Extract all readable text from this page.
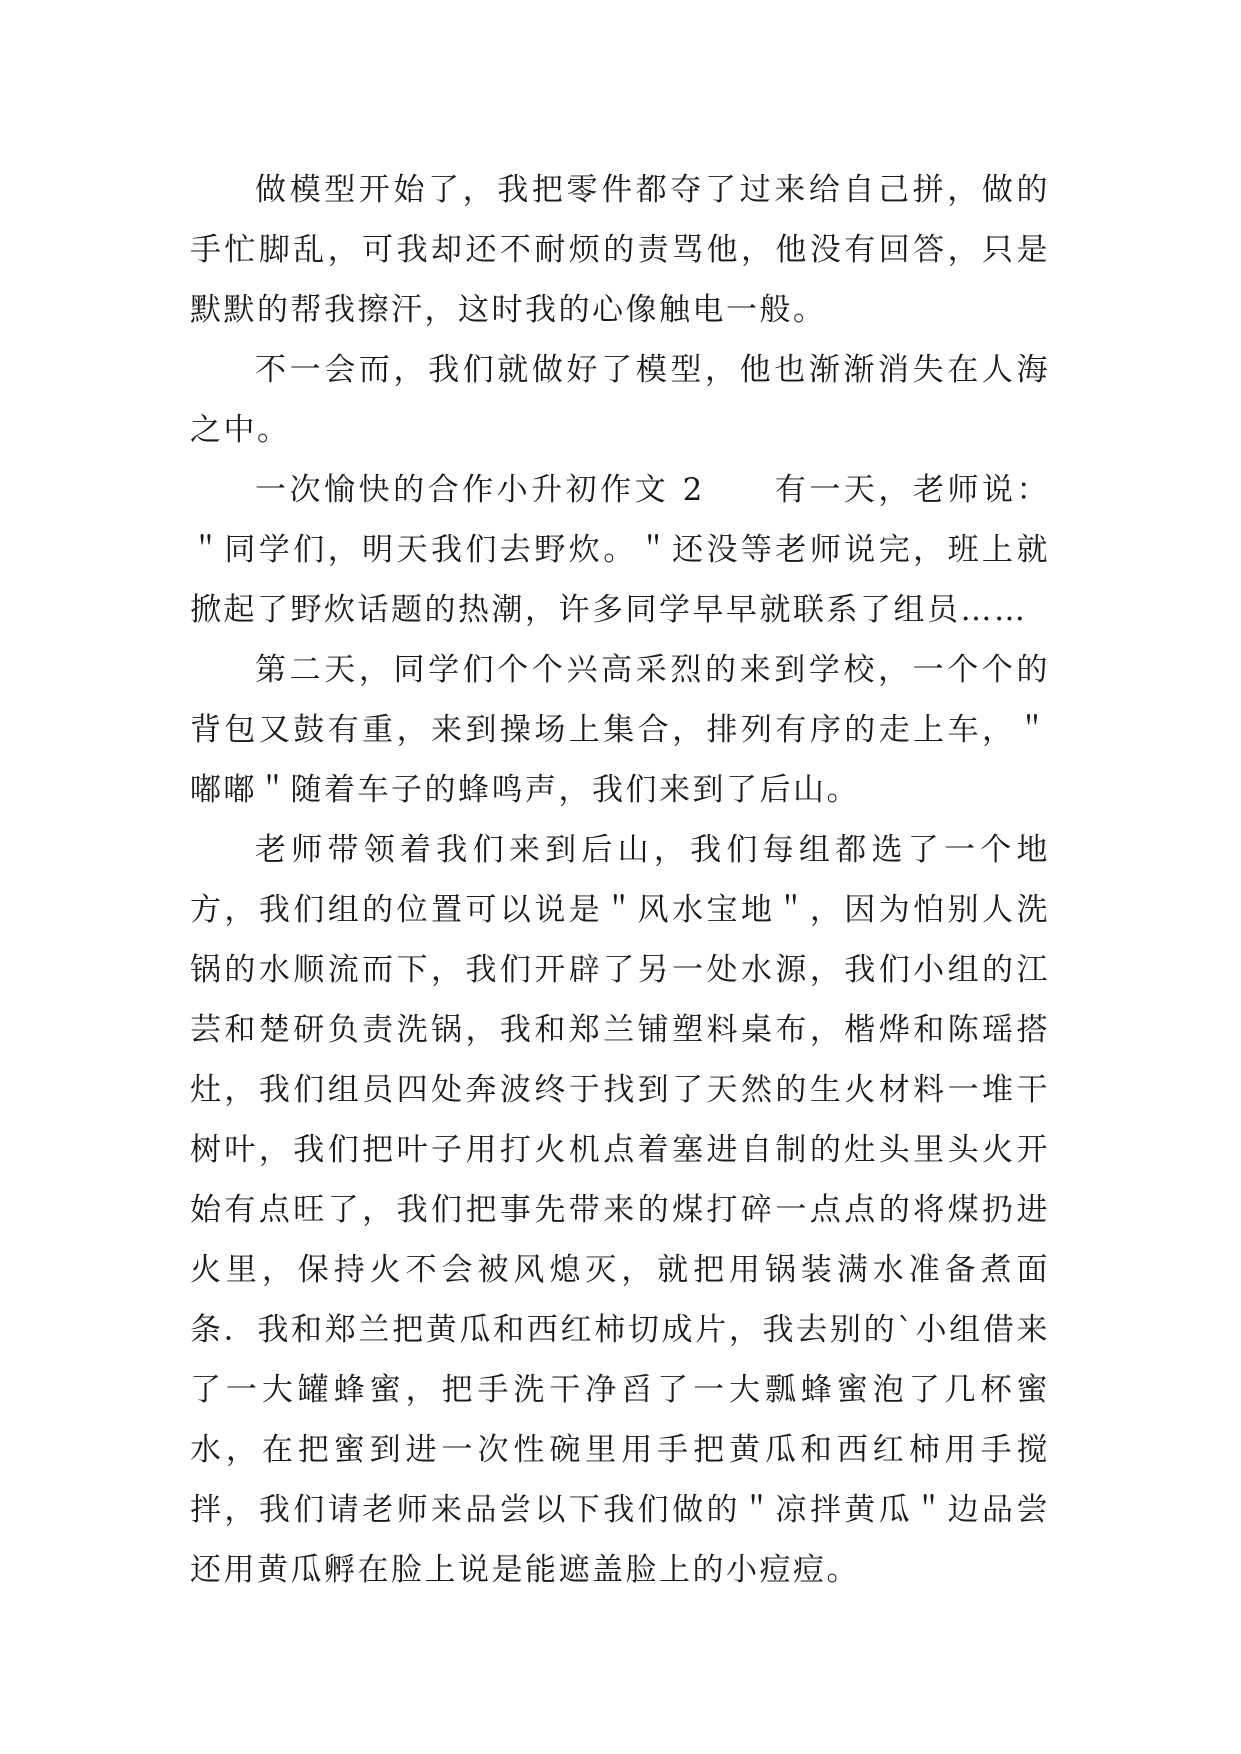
做模型开始了，我把零件都夺了过来给自己拼，做的手忙脚乱，可我却还不耐烦的责骂他，他没有回答，只是默默的帮我擦汗，这时我的心像触电一般。

不一会而，我们就做好了模型，他也渐渐消失在人海之中。

一次愉快的合作小升初作文 2　　有一天，老师说：＂同学们，明天我们去野炊。＂还没等老师说完，班上就掀起了野炊话题的热潮，许多同学早早就联系了组员……

第二天，同学们个个兴高采烈的来到学校，一个个的背包又鼓有重，来到操场上集合，排列有序的走上车，＂嘟嘟＂随着车子的蜂鸣声，我们来到了后山。

老师带领着我们来到后山，我们每组都选了一个地方，我们组的位置可以说是＂风水宝地＂，因为怕别人洗锅的水顺流而下，我们开辟了另一处水源，我们小组的江芸和楚研负责洗锅，我和郑兰铺塑料桌布，楷烨和陈瑶搭灶，我们组员四处奔波终于找到了天然的生火材料一堆干树叶，我们把叶子用打火机点着塞进自制的灶头里头火开始有点旺了，我们把事先带来的煤打碎一点点的将煤扔进火里，保持火不会被风熄灭，就把用锅装满水准备煮面条．我和郑兰把黄瓜和西红柿切成片，我去别的`小组借来了一大罐蜂蜜，把手洗干净舀了一大瓢蜂蜜泡了几杯蜜水，在把蜜到进一次性碗里用手把黄瓜和西红柿用手搅拌，我们请老师来品尝以下我们做的＂凉拌黄瓜＂边品尝还用黄瓜孵在脸上说是能遮盖脸上的小痘痘。
